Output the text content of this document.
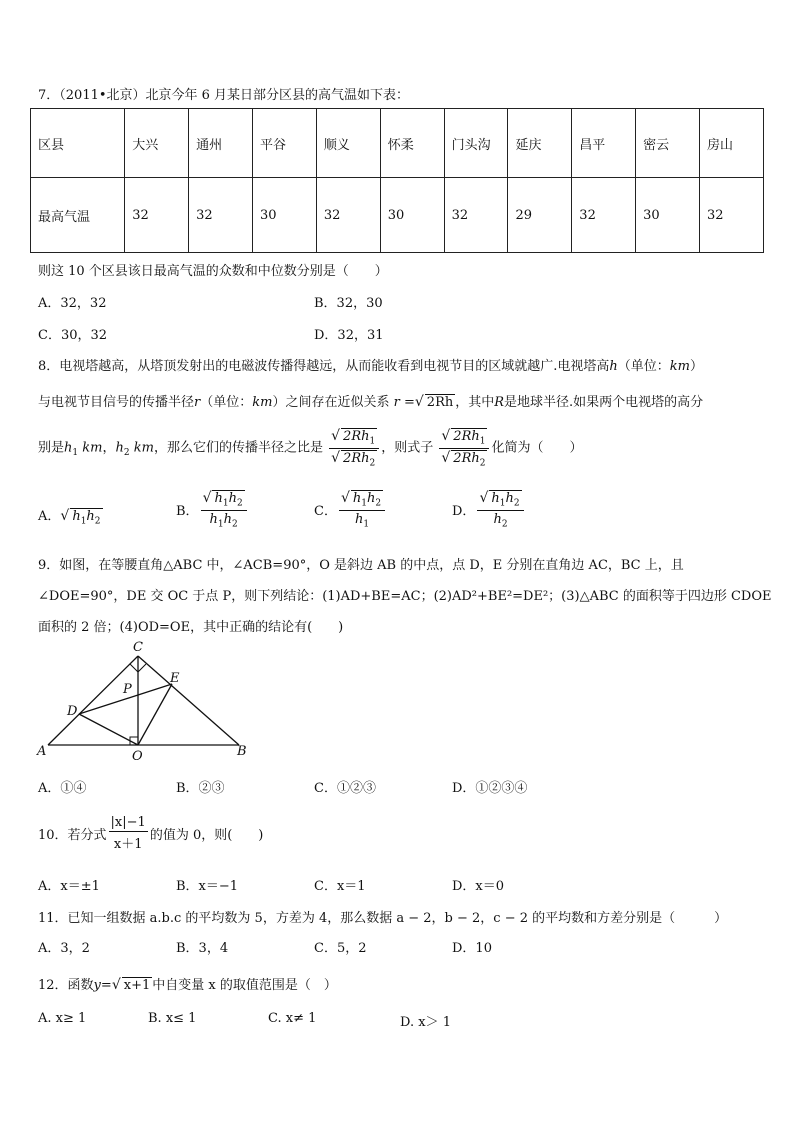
7．（2011•北京）北京今年 6 月某日部分区县的高气温如下表：
区县	大兴	通州	平谷	顺义	怀柔	门头沟	延庆	昌平	密云	房山
最高气温	32	32	30	32	30	32	29	32	30	32
则这 10 个区县该日最高气温的众数和中位数分别是（　　）
A．32，32	B．32，30
C．30，32	D．32，31
8．电视塔越高，从塔顶发射出的电磁波传播得越远，从而能收看到电视节目的区域就越广.电视塔高h（单位：km）
与电视节目信号的传播半径r（单位：km）之间存在近似关系 r =√ 2Rh ，其中R是地球半径.如果两个电视塔的高分
别是$h_1$ km，$h_2$ km，那么它们的传播半径之比是 $\frac{√ 2Rh_1}{√ 2Rh_2}$ ，则式子 $\frac{√ 2Rh_1}{√ 2Rh_2}$ 化简为（　　）
A．√ $h_1h_2$
B． $\frac{√ h_1h_2}{h_1h_2}$	C． $\frac{√ h_1h_2}{h_1}$	D． $\frac{√ h_1h_2}{h_2}$
9．如图，在等腰直角△ABC 中，∠ACB=90°，O 是斜边 AB 的中点，点 D，E 分别在直角边 AC，BC 上，且
∠DOE=90°，DE 交 OC 于点 P，则下列结论：(1)AD+BE=AC；(2)AD²+BE²=DE²；(3)△ABC 的面积等于四边形 CDOE
面积的 2 倍；(4)OD=OE，其中正确的结论有(　　)
C
E
P
D
A	O	B
A．①④	B．②③	C．①②③	D．①②③④
10．若分式 $\frac{|x|-1}{x+1}$ 的值为 0，则(　　)
A．x＝±1	B．x＝−1	C．x＝1	D．x＝0
11．已知一组数据 a.b.c 的平均数为 5，方差为 4，那么数据 a − 2，b − 2，c − 2 的平均数和方差分别是（　　　）
A．3，2	B．3，4	C．5，2	D．10
12．函数y=√ x+1 中自变量 x 的取值范围是（　）
A. x≥ 1	B. x≤ 1	C. x≠ 1	D. x＞ 1
